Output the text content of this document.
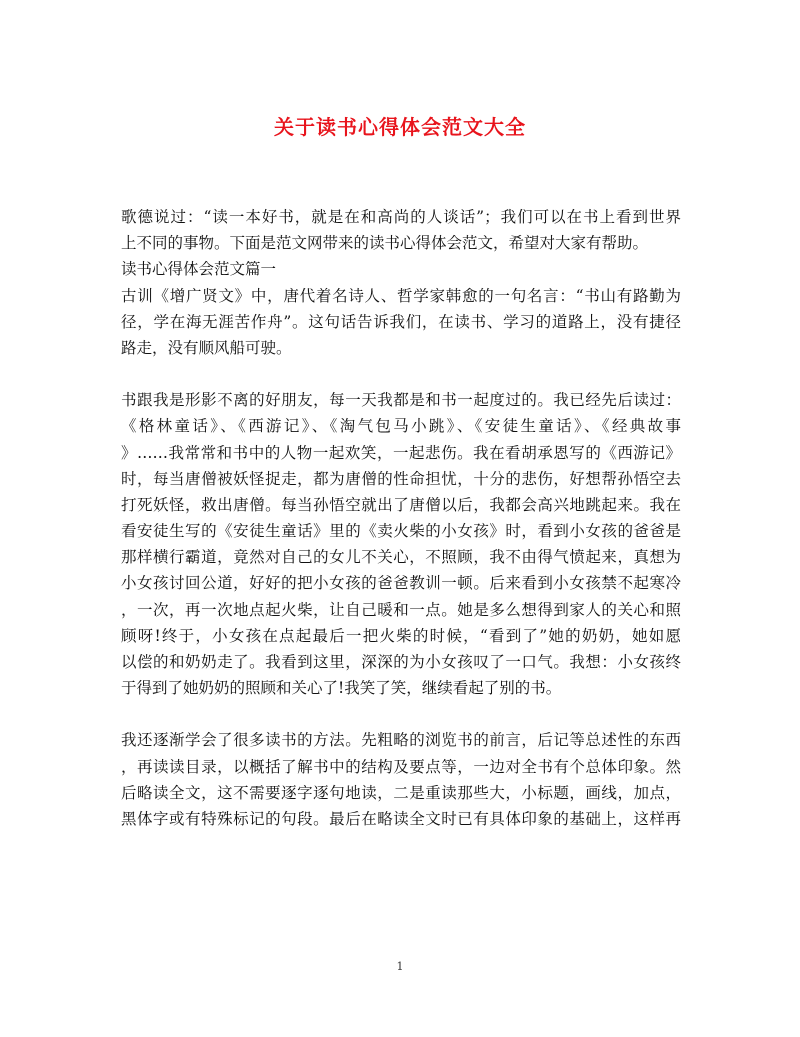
关于读书心得体会范文大全
歌德说过：“读一本好书，就是在和高尚的人谈话”；我们可以在书上看到世界
上不同的事物。下面是范文网带来的读书心得体会范文，希望对大家有帮助。
读书心得体会范文篇一
古训《增广贤文》中，唐代着名诗人、哲学家韩愈的一句名言：“书山有路勤为
径，学在海无涯苦作舟”。这句话告诉我们，在读书、学习的道路上，没有捷径
路走，没有顺风船可驶。
书跟我是形影不离的好朋友，每一天我都是和书一起度过的。我已经先后读过：
《格林童话》、《西游记》、《淘气包马小跳》、《安徒生童话》、《经典故事
》……我常常和书中的人物一起欢笑，一起悲伤。我在看胡承恩写的《西游记》
时，每当唐僧被妖怪捉走，都为唐僧的性命担忧，十分的悲伤，好想帮孙悟空去
打死妖怪，救出唐僧。每当孙悟空就出了唐僧以后，我都会高兴地跳起来。我在
看安徒生写的《安徒生童话》里的《卖火柴的小女孩》时，看到小女孩的爸爸是
那样横行霸道，竟然对自己的女儿不关心，不照顾，我不由得气愤起来，真想为
小女孩讨回公道，好好的把小女孩的爸爸教训一顿。后来看到小女孩禁不起寒冷
，一次，再一次地点起火柴，让自己暖和一点。她是多么想得到家人的关心和照
顾呀!终于，小女孩在点起最后一把火柴的时候，“看到了”她的奶奶，她如愿
以偿的和奶奶走了。我看到这里，深深的为小女孩叹了一口气。我想：小女孩终
于得到了她奶奶的照顾和关心了!我笑了笑，继续看起了别的书。
我还逐渐学会了很多读书的方法。先粗略的浏览书的前言，后记等总述性的东西
，再读读目录，以概括了解书中的结构及要点等，一边对全书有个总体印象。然
后略读全文，这不需要逐字逐句地读，二是重读那些大，小标题，画线，加点，
黑体字或有特殊标记的句段。最后在略读全文时已有具体印象的基础上，这样再
1
